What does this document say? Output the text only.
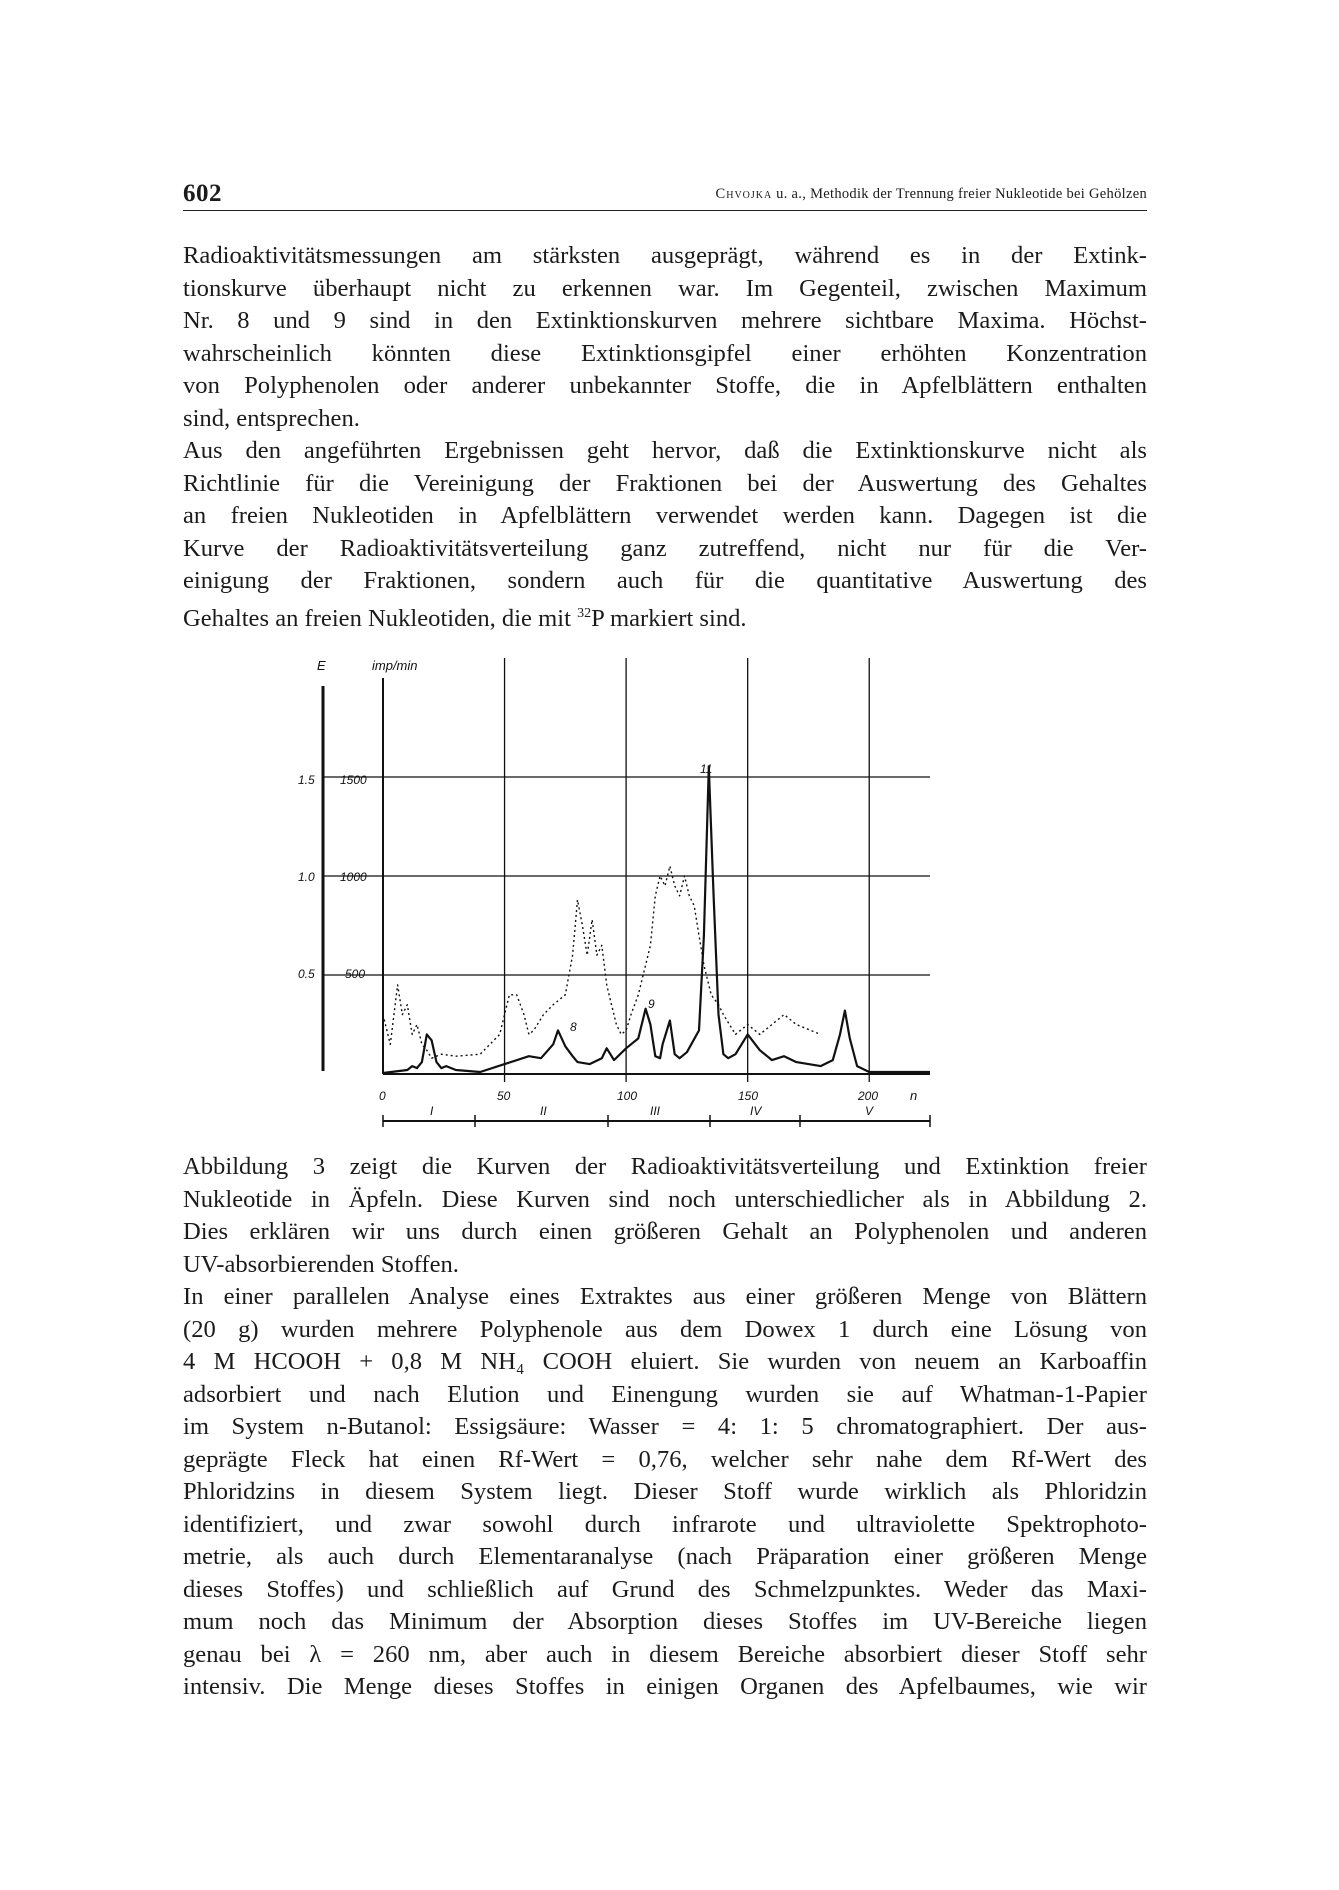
602	Chvojka u. a., Methodik der Trennung freier Nukleotide bei Gehölzen

Radioaktivitätsmessungen am stärksten ausgeprägt, während es in der Extink-
tionskurve überhaupt nicht zu erkennen war. Im Gegenteil, zwischen Maximum
Nr. 8 und 9 sind in den Extinktionskurven mehrere sichtbare Maxima. Höchst-
wahrscheinlich könnten diese Extinktionsgipfel einer erhöhten Konzentration
von Polyphenolen oder anderer unbekannter Stoffe, die in Apfelblättern enthalten
sind, entsprechen.

Aus den angeführten Ergebnissen geht hervor, daß die Extinktionskurve nicht als
Richtlinie für die Vereinigung der Fraktionen bei der Auswertung des Gehaltes
an freien Nukleotiden in Apfelblättern verwendet werden kann. Dagegen ist die
Kurve der Radioaktivitätsverteilung ganz zutreffend, nicht nur für die Ver-
einigung der Fraktionen, sondern auch für die quantitative Auswertung des
Gehaltes an freien Nukleotiden, die mit $^{32}$P markiert sind.

E	imp/min
n
1.5
1.0
0.5
1500
1000
500
0	50	100	150	200
I	II	III	IV	V
8
9
11

Abbildung 3 zeigt die Kurven der Radioaktivitätsverteilung und Extinktion freier
Nukleotide in Äpfeln. Diese Kurven sind noch unterschiedlicher als in Abbildung 2.
Dies erklären wir uns durch einen größeren Gehalt an Polyphenolen und anderen
UV-absorbierenden Stoffen.

In einer parallelen Analyse eines Extraktes aus einer größeren Menge von Blättern
(20 g) wurden mehrere Polyphenole aus dem Dowex 1 durch eine Lösung von
4 M HCOOH + 0,8 M NH₄ COOH eluiert. Sie wurden von neuem an Karboaffin
adsorbiert und nach Elution und Einengung wurden sie auf Whatman-1-Papier
im System n-Butanol: Essigsäure: Wasser = 4: 1: 5 chromatographiert. Der aus-
geprägte Fleck hat einen Rf-Wert = 0,76, welcher sehr nahe dem Rf-Wert des
Phloridzins in diesem System liegt. Dieser Stoff wurde wirklich als Phloridzin
identifiziert, und zwar sowohl durch infrarote und ultraviolette Spektrophoto-
metrie, als auch durch Elementaranalyse (nach Präparation einer größeren Menge
dieses Stoffes) und schließlich auf Grund des Schmelzpunktes. Weder das Maxi-
mum noch das Minimum der Absorption dieses Stoffes im UV-Bereiche liegen
genau bei λ = 260 nm, aber auch in diesem Bereiche absorbiert dieser Stoff sehr
intensiv. Die Menge dieses Stoffes in einigen Organen des Apfelbaumes, wie wir
